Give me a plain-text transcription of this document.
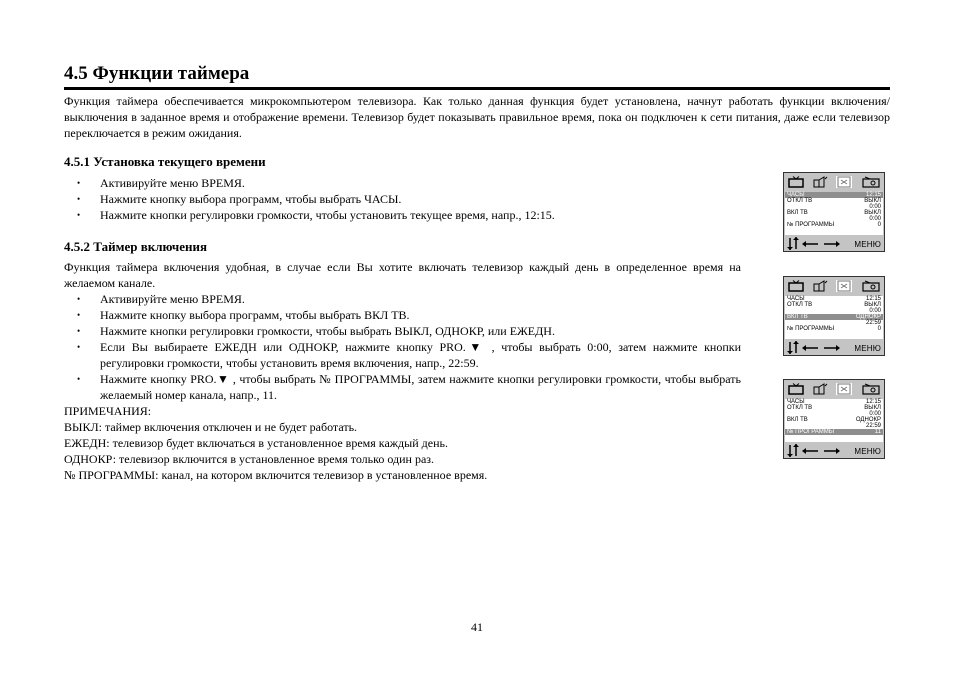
4.5 Функции таймера

Функция таймера обеспечивается микрокомпьютером телевизора. Как только данная функция будет установлена, начнут работать функции включения/выключения в заданное время и отображение времени. Телевизор будет показывать правильное время, пока он подключен к сети питания, даже если телевизор переключается в режим ожидания.

4.5.1 Установка текущего времени
• Активируйте меню ВРЕМЯ.
• Нажмите кнопку выбора программ, чтобы выбрать ЧАСЫ.
• Нажмите кнопки регулировки громкости, чтобы установить текущее время, напр., 12:15.
4.5.2 Таймер включения

Функция таймера включения удобная, в случае если Вы хотите включать телевизор каждый день в определенное время на желаемом канале.

• Активируйте меню ВРЕМЯ.
• Нажмите кнопку выбора программ, чтобы выбрать ВКЛ ТВ.
• Нажмите кнопки регулировки громкости, чтобы выбрать ВЫКЛ, ОДНОКР, или ЕЖЕДН.
• Если Вы выбираете ЕЖЕДН или ОДНОКР, нажмите кнопку PRO.▼ , чтобы выбрать 0:00, затем нажмите кнопки регулировки громкости, чтобы установить время включения, напр., 22:59.
• Нажмите кнопку PRO.▼ , чтобы выбрать № ПРОГРАММЫ, затем нажмите кнопки регулировки громкости, чтобы выбрать желаемый номер канала, напр., 11.
ПРИМЕЧАНИЯ:
ВЫКЛ: таймер включения отключен и не будет работать.
ЕЖЕДН: телевизор будет включаться в установленное время каждый день.
ОДНОКР: телевизор включится в установленное время только один раз.
№ ПРОГРАММЫ: канал, на котором включится телевизор в установленное время.
ЧАСЫ	12:15
ОТКЛ ТВ	ВЫКЛ
0:00
ВКЛ ТВ	ВЫКЛ
0:00
№ ПРОГРАММЫ	0
МЕНЮ
ЧАСЫ	12:15
ОТКЛ ТВ	ВЫКЛ
0:00
ВКЛ ТВ	ОДНОКР
22:59
№ ПРОГРАММЫ	0
МЕНЮ
ЧАСЫ	12:15
ОТКЛ ТВ	ВЫКЛ
0:00
ВКЛ ТВ	ОДНОКР
22:59
№ ПРОГРАММЫ	11
МЕНЮ
41
